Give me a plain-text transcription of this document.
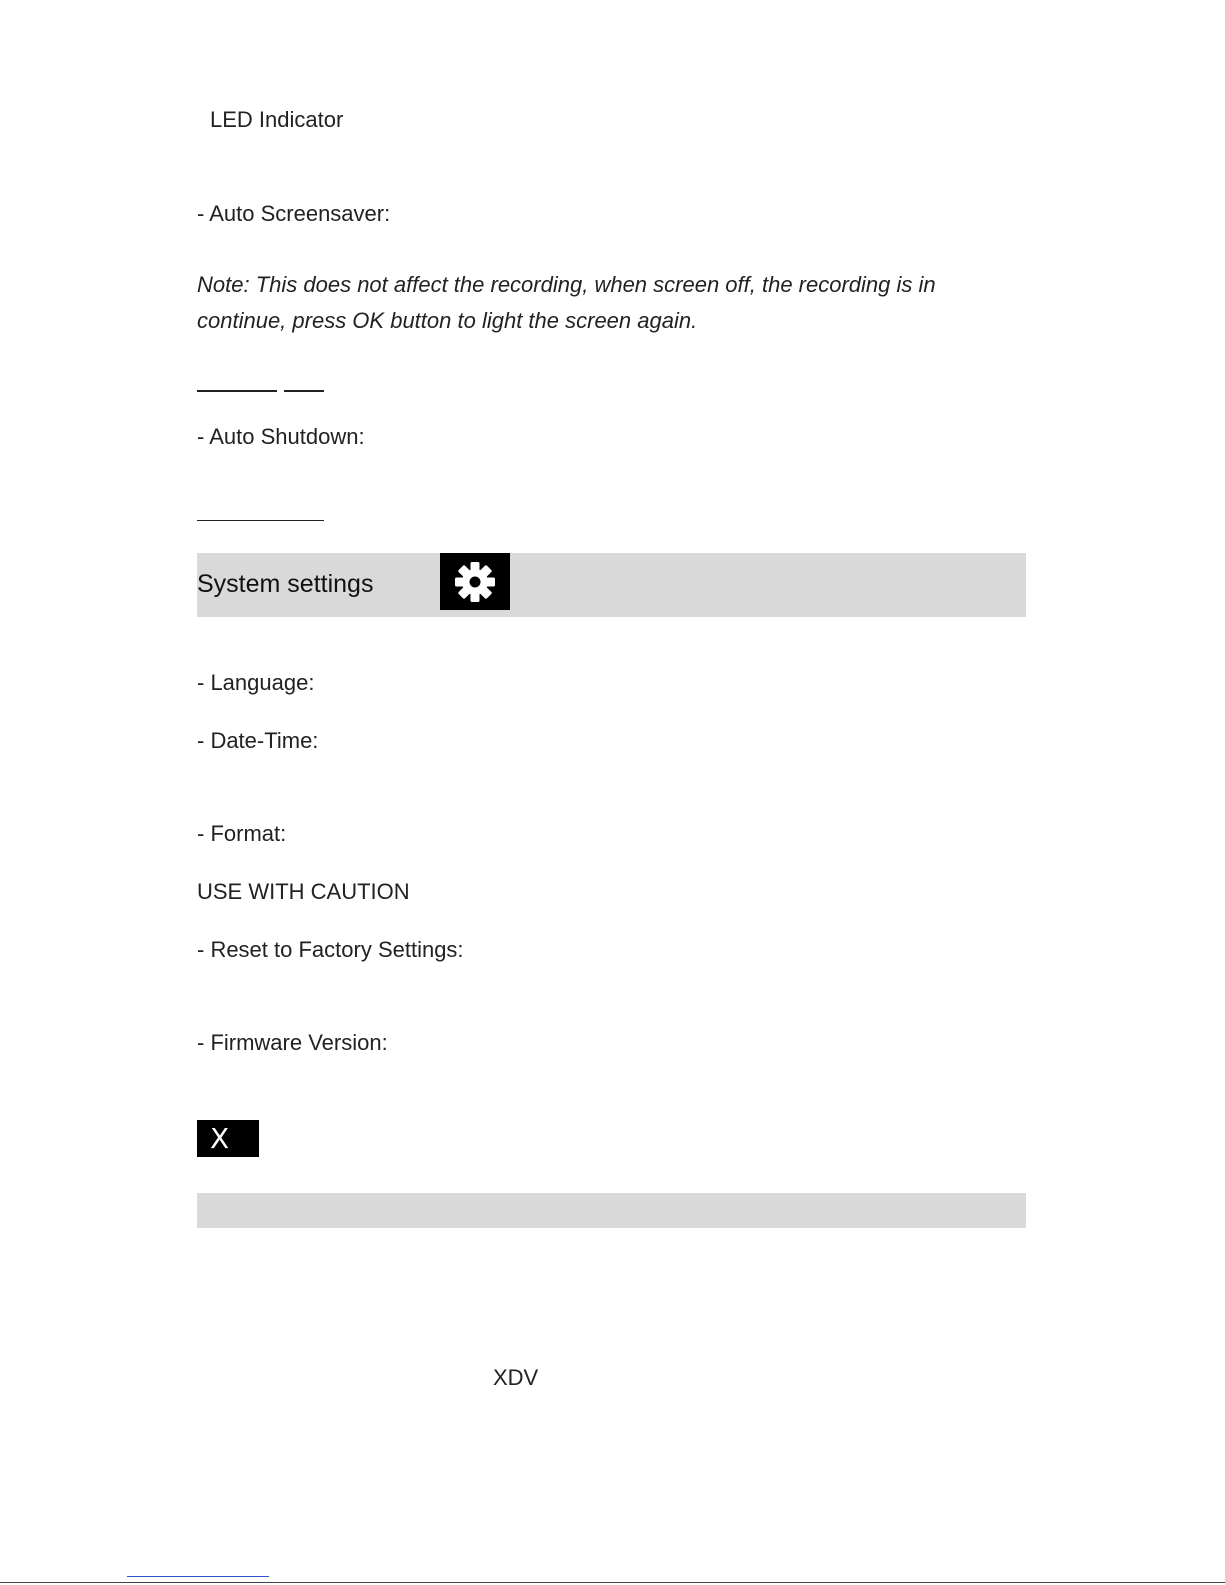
LED Indicator
- Auto Screensaver:
Note: This does not affect the recording, when screen off, the recording is in continue, press OK button to light the screen again.
- Auto Shutdown:
System settings
- Language:
- Date-Time:
- Format:
USE WITH CAUTION
- Reset to Factory Settings:
- Firmware Version:
X
XDV
